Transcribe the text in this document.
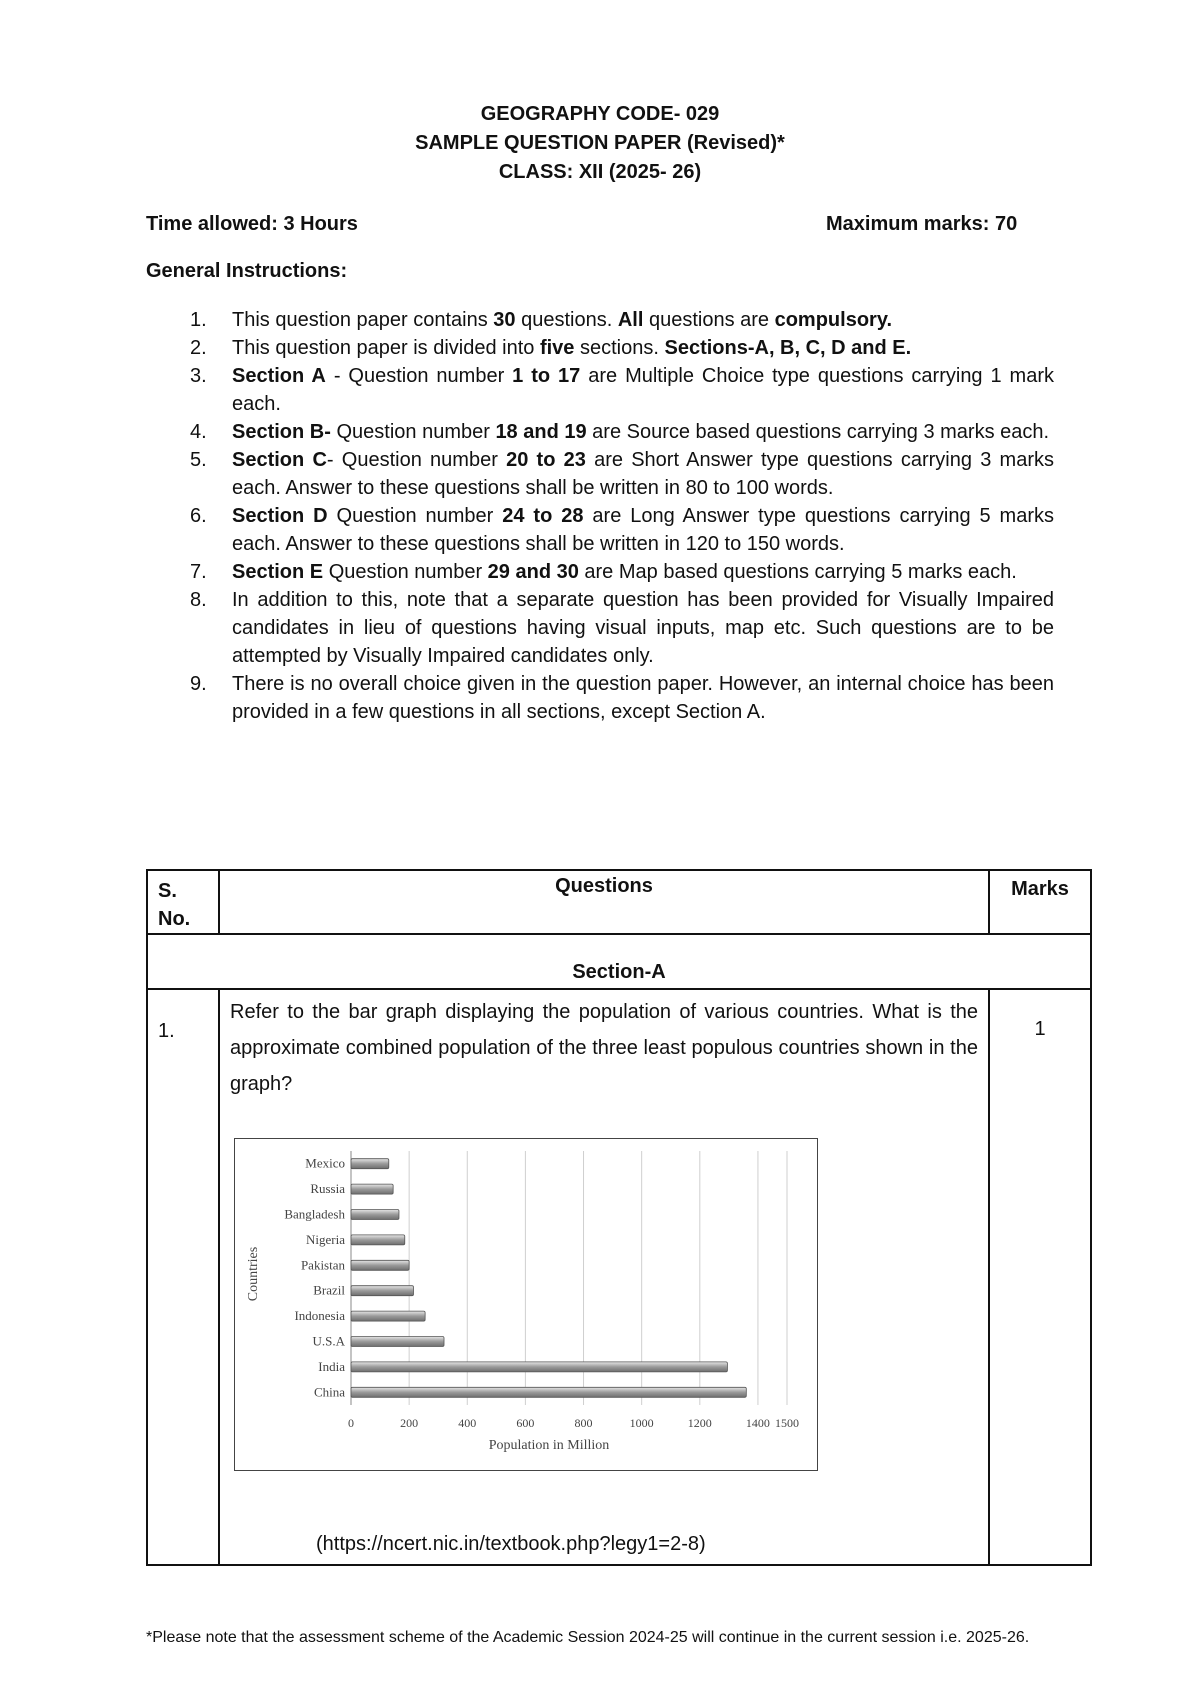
GEOGRAPHY CODE- 029
SAMPLE QUESTION PAPER (Revised)*
CLASS: XII (2025- 26)
Time allowed: 3 Hours	Maximum marks: 70
General Instructions:
1.	This question paper contains 30 questions. All questions are compulsory.
2.	This question paper is divided into five sections. Sections-A, B, C, D and E.
3.	Section A - Question number 1 to 17 are Multiple Choice type questions carrying 1 mark each.
4.	Section B- Question number 18 and 19 are Source based questions carrying 3 marks each.
5.	Section C- Question number 20 to 23 are Short Answer type questions carrying 3 marks each. Answer to these questions shall be written in 80 to 100 words.
6.	Section D Question number 24 to 28 are Long Answer type questions carrying 5 marks each. Answer to these questions shall be written in 120 to 150 words.
7.	Section E Question number 29 and 30 are Map based questions carrying 5 marks each.
8.	In addition to this, note that a separate question has been provided for Visually Impaired candidates in lieu of questions having visual inputs, map etc. Such questions are to be attempted by Visually Impaired candidates only.
9.	There is no overall choice given in the question paper. However, an internal choice has been provided in a few questions in all sections, except Section A.
S. No.	Questions	Marks

Section-A		

1.	Refer to the bar graph displaying the population of various countries. What is the approximate combined population of the three least populous countries shown in the graph?	1
0	200	400	600	800	1000	1200	1400 1500
Mexico
Russia
Bangladesh
Nigeria
Pakistan
Brazil
Indonesia
U.S.A
India
China
Population in Million
Countries
(https://ncert.nic.in/textbook.php?legy1=2-8)
*Please note that the assessment scheme of the Academic Session 2024-25 will continue in the current session i.e. 2025-26.
